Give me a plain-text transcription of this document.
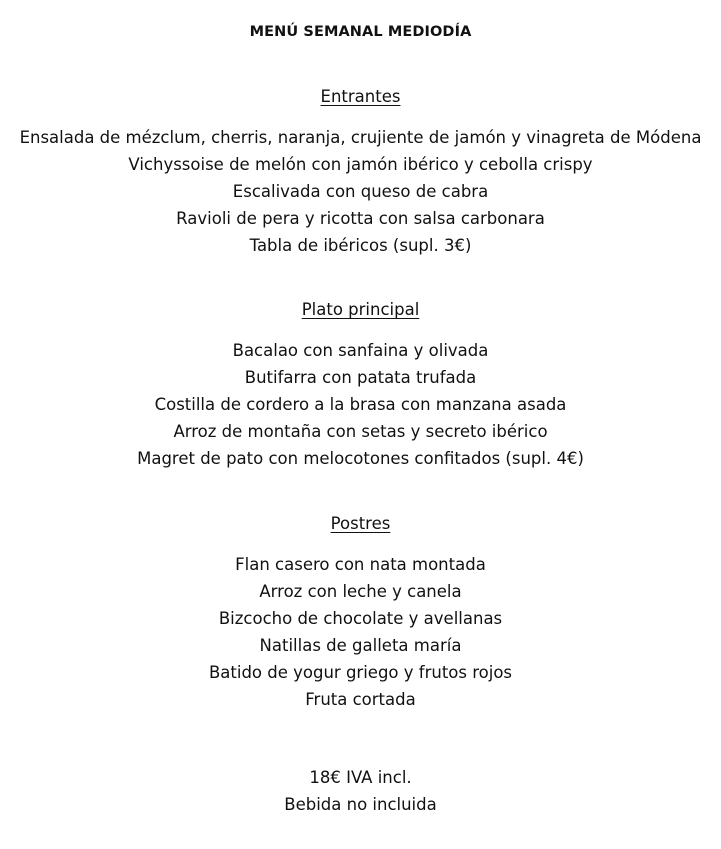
MENÚ SEMANAL MEDIODÍA
Entrantes
Ensalada de mézclum, cherris, naranja, crujiente de jamón y vinagreta de Módena
Vichyssoise de melón con jamón ibérico y cebolla crispy
Escalivada con queso de cabra
Ravioli de pera y ricotta con salsa carbonara
Tabla de ibéricos (supl. 3€)
Plato principal
Bacalao con sanfaina y olivada
Butifarra con patata trufada
Costilla de cordero a la brasa con manzana asada
Arroz de montaña con setas y secreto ibérico
Magret de pato con melocotones confitados (supl. 4€)
Postres
Flan casero con nata montada
Arroz con leche y canela
Bizcocho de chocolate y avellanas
Natillas de galleta maría
Batido de yogur griego y frutos rojos
Fruta cortada
18€ IVA incl.
Bebida no incluida
